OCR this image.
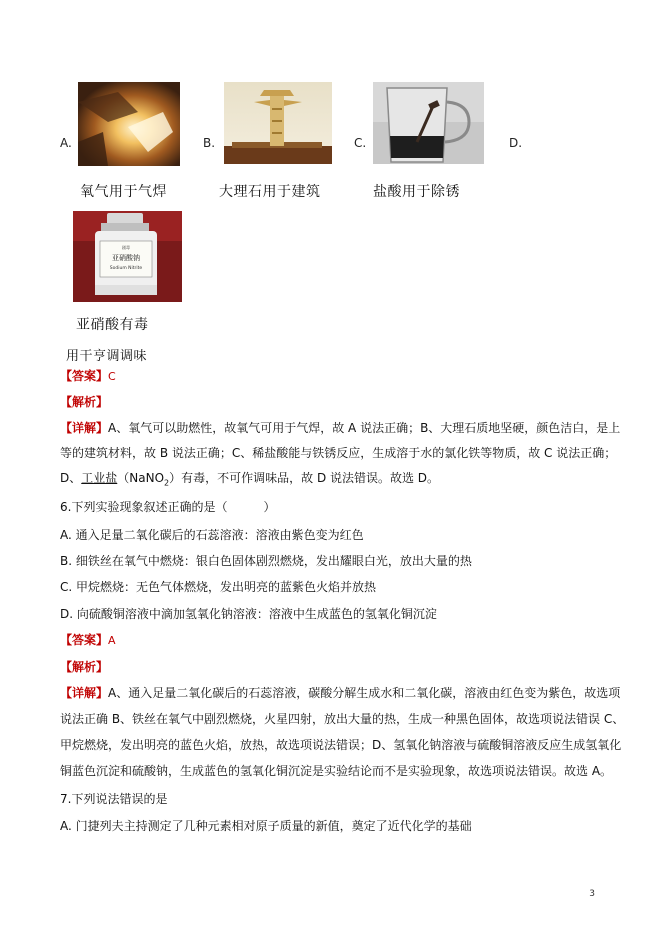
A.	B.	C.	D.
剧毒
亚硝酸钠
Sodium Nitrite
氧气用于气焊	大理石用于建筑	盐酸用于除锈
亚硝酸有毒
用干亨调调味
【答案】C
【解析】
【详解】A、氧气可以助燃性，故氧气可用于气焊，故 A 说法正确；B、大理石质地坚硬，颜色洁白，是上
等的建筑材料，故 B 说法正确；C、稀盐酸能与铁锈反应，生成溶于水的氯化铁等物质，故 C 说法正确；
D、工业盐（NaNO$_2$）有毒，不可作调味品，故 D 说法错误。故选 D。
6.下列实验现象叙述正确的是（　　　）
A. 通入足量二氧化碳后的石蕊溶液：溶液由紫色变为红色
B. 细铁丝在氧气中燃烧：银白色固体剧烈燃烧，发出耀眼白光，放出大量的热
C. 甲烷燃烧：无色气体燃烧，发出明亮的蓝紫色火焰并放热
D. 向硫酸铜溶液中滴加氢氧化钠溶液：溶液中生成蓝色的氢氧化铜沉淀
【答案】A
【解析】
【详解】A、通入足量二氧化碳后的石蕊溶液，碳酸分解生成水和二氧化碳，溶液由红色变为紫色，故选项
说法正确 B、铁丝在氧气中剧烈燃烧，火星四射，放出大量的热，生成一种黑色固体，故选项说法错误 C、
甲烷燃烧，发出明亮的蓝色火焰，放热，故选项说法错误；D、氢氧化钠溶液与硫酸铜溶液反应生成氢氧化
铜蓝色沉淀和硫酸钠，生成蓝色的氢氧化铜沉淀是实验结论而不是实验现象，故选项说法错误。故选 A。
7.下列说法错误的是
A. 门捷列夫主持测定了几种元素相对原子质量的新值，奠定了近代化学的基础
3
